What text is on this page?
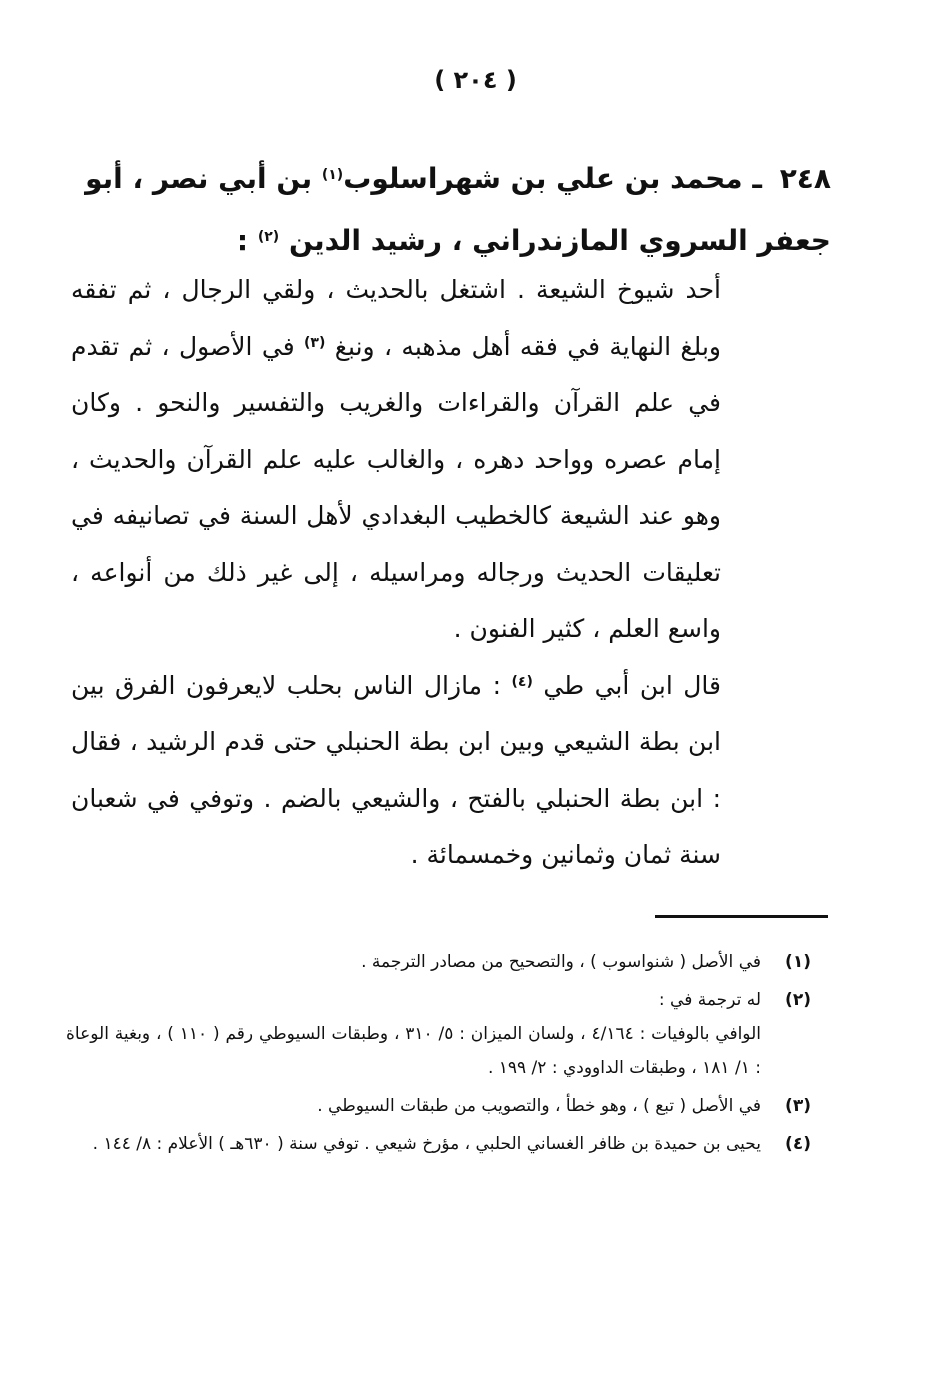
( ٢٠٤ )
٢٤٨ ـ محمد بن علي بن شهراسلوب$^{(١)}$ بن أبي نصر ، أبو جعفر السروي المازندراني ، رشيد الدين $^{(٢)}$ :

أحد شيوخ الشيعة . اشتغل بالحديث ، ولقي الرجال ، ثم تفقه وبلغ النهاية في فقه أهل مذهبه ، ونبغ $^{(٣)}$ في الأصول ، ثم تقدم في علم القرآن والقراءات والغريب والتفسير والنحو . وكان إمام عصره وواحد دهره ، والغالب عليه علم القرآن والحديث ، وهو عند الشيعة كالخطيب البغدادي لأهل السنة في تصانيفه في تعليقات الحديث ورجاله ومراسيله ، إلى غير ذلك من أنواعه ، واسع العلم ، كثير الفنون .

قال ابن أبي طي $^{(٤)}$ : مازال الناس بحلب لايعرفون الفرق بين ابن بطة الشيعي وبين ابن بطة الحنبلي حتى قدم الرشيد ، فقال : ابن بطة الحنبلي بالفتح ، والشيعي بالضم . وتوفي في شعبان سنة ثمان وثمانين وخمسمائة .

(١)
في الأصل ( شنواسوب ) ، والتصحيح من مصادر الترجمة .
(٢)
له ترجمة في :
الوافي بالوفيات : ٤/١٦٤ ، ولسان الميزان : ٥/ ٣١٠ ، وطبقات السيوطي رقم ( ١١٠ ) ، وبغية الوعاة : ١/ ١٨١ ، وطبقات الداوودي : ٢/ ١٩٩ .
(٣)
في الأصل ( تبع ) ، وهو خطأ ، والتصويب من طبقات السيوطي .
(٤)
يحيى بن حميدة بن ظافر الغساني الحلبي ، مؤرخ شيعي . توفي سنة ( ٦٣٠هـ ) الأعلام : ٨/ ١٤٤ .
